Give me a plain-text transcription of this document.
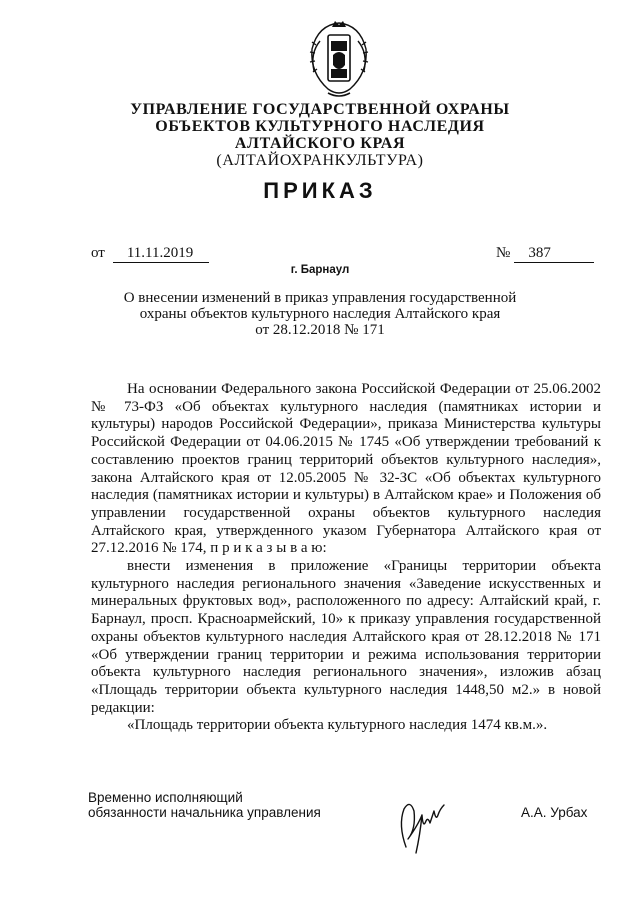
УПРАВЛЕНИЕ ГОСУДАРСТВЕННОЙ ОХРАНЫ
ОБЪЕКТОВ КУЛЬТУРНОГО НАСЛЕДИЯ
АЛТАЙСКОГО КРАЯ
(АЛТАЙОХРАНКУЛЬТУРА)
ПРИКАЗ
от 11.11.2019	№ 387
г. Барнаул
О внесении изменений в приказ управления государственной
охраны объектов культурного наследия Алтайского края
от 28.12.2018 № 171

На основании Федерального закона Российской Федерации от 25.06.2002 № 73-ФЗ «Об объектах культурного наследия (памятниках истории и культуры) народов Российской Федерации», приказа Министерства культуры Российской Федерации от 04.06.2015 № 1745 «Об утверждении требований к составлению проектов границ территорий объектов культурного наследия», закона Алтайского края от 12.05.2005 № 32-ЗС «Об объектах культурного наследия (памятниках истории и культуры) в Алтайском крае» и Положения об управлении государственной охраны объектов культурного наследия Алтайского края, утвержденного указом Губернатора Алтайского края от 27.12.2016 № 174, п р и к а з ы в а ю:

внести изменения в приложение «Границы территории объекта культурного наследия регионального значения «Заведение искусственных и минеральных фруктовых вод», расположенного по адресу: Алтайский край, г. Барнаул, просп. Красноармейский, 10» к приказу управления государственной охраны объектов культурного наследия Алтайского края от 28.12.2018 № 171 «Об утверждении границ территории и режима использования территории объекта культурного наследия регионального значения», изложив абзац «Площадь территории объекта культурного наследия 1448,50 м2.» в новой редакции:

«Площадь территории объекта культурного наследия 1474 кв.м.».

Временно исполняющий
обязанности начальника управления	А.А. Урбах
